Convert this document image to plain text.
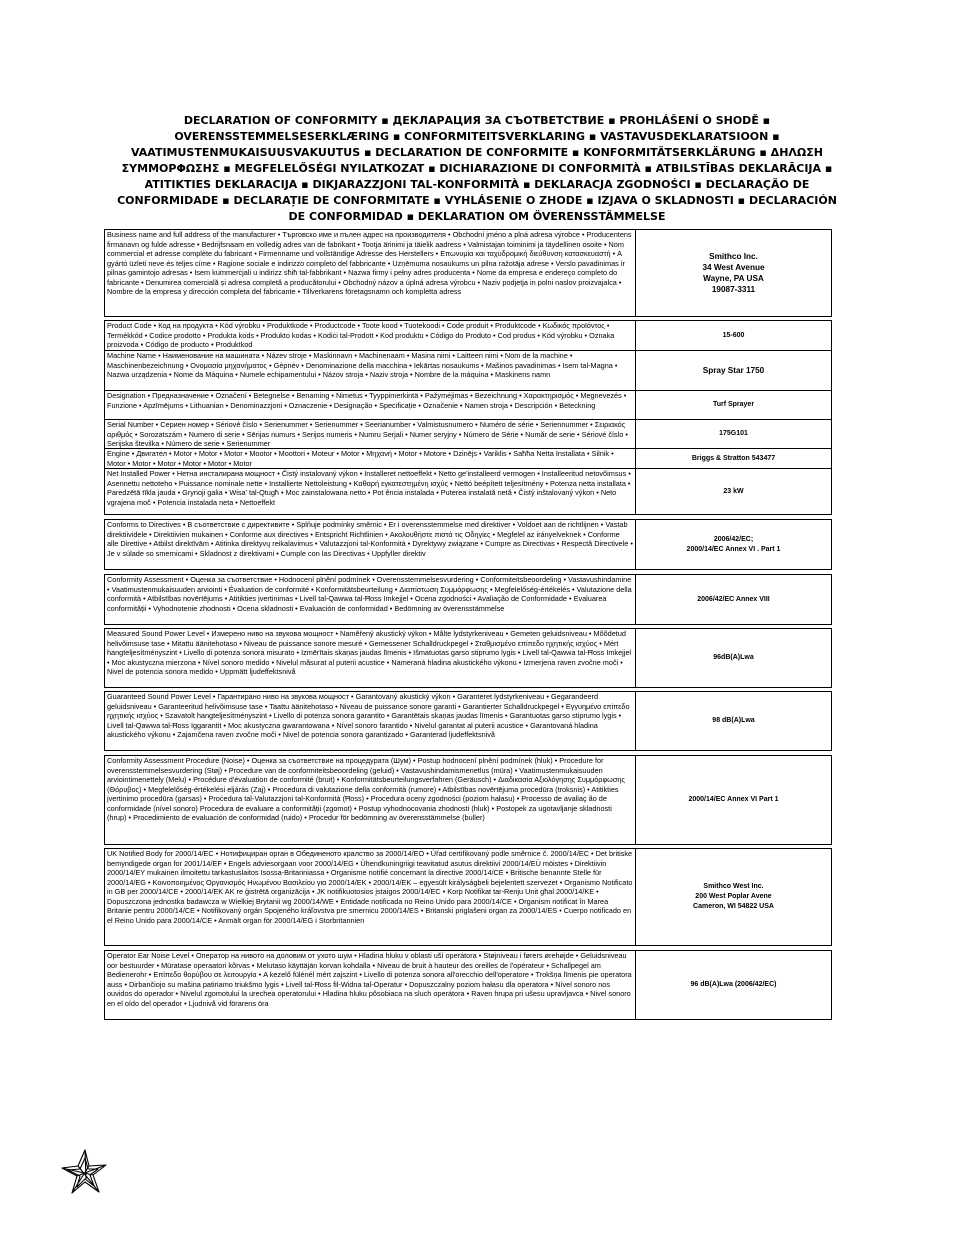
DECLARATION OF CONFORMITY ▪ ДЕКЛАРАЦИЯ ЗА СЪОТВЕТСТВИЕ ▪ PROHLÁŠENÍ O SHODĚ ▪ OVERENSSTEMMELSESERKLÆRING ▪ CONFORMITEITSVERKLARING ▪ VASTAVUSDEKLARATSIOON ▪ VAATIMUSTENMUKAISUUSVAKUUTUS ▪ DECLARATION DE CONFORMITE ▪ KONFORMITÄTSERKLÄRUNG ▪ ΔΗΛΩΣΗ ΣΥΜΜΟΡΦΩΣΗΣ ▪ MEGFELELŐSÉGI NYILATKOZAT ▪ DICHIARAZIONE DI CONFORMITÀ ▪ ATBILSTĪBAS DEKLARĀCIJA ▪ ATITIKTIES DEKLARACIJA ▪ DIKJARAZZJONI TAL-KONFORMITÀ ▪ DEKLARACJA ZGODNOŚCI ▪ DECLARAÇÃO DE CONFORMIDADE ▪ DECLARAȚIE DE CONFORMITATE ▪ VYHLÁSENIE O ZHODE ▪ IZJAVA O SKLADNOSTI ▪ DECLARACIÓN DE CONFORMIDAD ▪ DEKLARATION OM ÖVERENSSTÄMMELSE
Business name and full address of the manufacturer • Търговско име и пълен адрес на производителя • Obchodní jméno a plná adresa výrobce • Producentens firmanavn og fulde adresse • Bedrijfsnaam en volledig adres van de fabrikant • Tootja ärinimi ja täielik aadress • Valmistajan toiminimi ja täydellinen osoite • Nom commercial et adresse complète du fabricant • Firmenname und vollständige Adresse des Herstellers • Επωνυμία και ταχυδρομική διεύθυνση κατασκευαστή • A gyártó üzleti neve és teljes címe • Ragione sociale e indirizzo completo del fabbricante • Uzņēmuma nosaukums un pilna ražotāja adrese • Verslo pavadinimas ir pilnas gamintojo adresas • Isem kummerċjali u indirizz sħiħ tal-fabbrikant • Nazwa firmy i pełny adres producenta • Nome da empresa e endereço completo do fabricante • Denumirea comercială și adresa completă a producătorului • Obchodný názov a úplná adresa výrobcu • Naziv podjetja in polni naslov proizvajalca • Nombre de la empresa y dirección completa del fabricante • Tillverkarens företagsnamn och kompletta adress
Smithco Inc.
34 West Avenue
Wayne, PA USA
19087-3311
Product Code • Код на продукта • Kód výrobku • Produktkode • Productcode • Toote kood • Tuotekoodi • Code produit • Produktcode • Κωδικός προϊόντος • Termékkód • Codice prodotto • Produkta kods • Produkto kodas • Kodiċi tal-Prodott • Kod produktu • Código do Produto • Cod produs • Kód výrobku • Oznaka proizvoda • Código de producto • Produktkod
15-600
Machine Name • Наименование на машината • Název stroje • Maskinnavn • Machinenaam • Masina nimi • Laitteen nimi • Nom de la machine • Maschinenbezeichnung • Ονομασία μηχανήματος • Gépnév • Denominazione della macchina • Iekārtas nosaukums • Mašinos pavadinimas • Isem tal-Magna • Nazwa urządzenia • Nome da Máquina • Numele echipamentului • Názov stroja • Naziv stroja • Nombre de la máquina • Maskinens namn	Spray Star 1750
Designation • Предназначение • Označení • Betegnelse • Benaming • Nimetus • Tyyppimerkintä • Pažymėjimas • Bezeichnung • Χαρακτηρισμός • Megnevezés • Funzione • Apzīmējums • Lithuanian • Denominazzjoni • Oznaczenie • Designação • Specificație • Označenie • Namen stroja • Descripción • Beteckning	Turf Sprayer
Serial Number • Сериен номер • Sériové číslo • Serienummer • Serienummer • Seerianumber • Valmistusnumero • Numéro de série • Seriennummer • Σειριακός αριθμός • Sorozatszám • Numero di serie • Sērijas numurs • Serijos numeris • Numru Serjali • Numer seryjny • Número de Série • Număr de serie • Sériové číslo • Serijska številka • Número de serie • Serienummer
175G101
Engine • Двигател • Motor • Motor • Motor • Mootor • Moottori • Moteur • Motor • Μηχανή • Motor • Motore • Dzinējs • Variklis • Saħħa Netta Installata • Silnik • Motor • Motor • Motor • Motor • Motor • Motor
Briggs & Stratton 543477
Net Installed Power • Нетна инсталирана мощност • Čistý instalovaný výkon • Installeret nettoeffekt • Netto ge'installeerd vermogen • Installeeritud netovõimsus • Asennettu nettoteho • Puissance nominale nette • Installierte Nettoleistung • Καθαρή εγκατεστημένη ισχύς • Nettó beépített teljesítmény • Potenza netta installata • Paredzētā tīkla jauda • Grynoji galia • Wisa' tal-Qtugħ • Moc zainstalowana netto • Pot ência instalada • Puterea instalată netă • Čistý inštalovaný výkon • Neto vgrajena moč • Potencia instalada neta • Nettoeffekt
23 kW
Conforms to Directives • В съответствие с директивите • Splňuje podmínky směrnic • Er i overensstemmelse med direktiver • Voldoet aan de richtlijnen • Vastab direktiividele • Direktiivien mukainen • Conforme aux directives • Entspricht Richtlinien • Ακολουθήστε πιστά τις Οδηγίες • Megfelel az irányelveknek • Conforme alle Direttive • Atbilst direktīvām • Atitinka direktyvų reikalavimus • Valutazzjoni tal-Konformità • Dyrektywy związane • Cumpre as Directivas • Respectă Directivele • Je v súlade so smernicami • Skladnost z direktivami • Cumple con las Directivas • Uppfyller direktiv
2006/42/EC;
2000/14/EC Annex VI . Part 1
Conformity Assessment • Оценка за съответствие • Hodnocení plnění podmínek • Overensstemmelsesvurdering • Conformiteitsbeoordeling • Vastavushindamine • Vaatimustenmukaisuuden arviointi • Évaluation de conformité • Konformitätsbeurteilung • Διαπίστωση Συμμόρφωσης • Megfelelőség-értékelés • Valutazione della conformità • Atbilstības novērtējums • Atitikties įvertinimas • Livell tal-Qawwa tal-Ħoss Imkejjel • Ocena zgodności • Avaliação de Conformidade • Evaluarea conformității • Vyhodnotenie zhodnosti • Ocena skladnosti • Evaluación de conformidad • Bedömning av överensstämmelse
2006/42/EC Annex VIII
Measured Sound Power Level • Измерено ниво на звукова мощност • Naměřený akustický výkon • Målte lydstyrkeniveau • Gemeten geluidsniveau • Mõõdetud helivõimsuse tase • Mitattu äänitehotaso • Niveau de puissance sonore mesuré • Gemessener Schalldruckpegel • Σταθμισμένο επίπεδο ηχητικής ισχύος • Mért hangteljesítményszint • Livello di potenza sonora misurato • Izmērītais skaņas jaudas līmenis • Išmatuotas garso stiprumo lygis • Livell tal-Qawwa tal-Ħoss Imkejjel • Moc akustyczna mierzona • Nível sonoro medido • Nivelul măsurat al puterii acustice • Nameraná hladina akustického výkonu • Izmerjena raven zvočne moči • Nivel de potencia sonora medido • Uppmätt ljudeffektsnivå
96dB(A)Lwa
Guaranteed Sound Power Level • Гарантирано ниво на звукова мощност • Garantovaný akustický výkon • Garanteret lydstyrkeniveau • Gegarandeerd geluidsniveau • Garanteeritud helivõimsuse tase • Taattu äänitehotaso • Niveau de puissance sonore garanti • Garantierter Schalldruckpegel • Εγγυημένο επίπεδο ηχητικής ισχύος • Szavatolt hangteljesítményszint • Livello di potenza sonora garantito • Garantētais skaņas jaudas līmenis • Garantuotas garso stiprumo lygis • Livell tal-Qawwa tal-Ħoss Iggarantit • Moc akustyczna gwarantowana • Nível sonoro farantido • Nivelul garantat al puterii acustice • Garantovaná hladina akustického výkonu • Zajamčena raven zvočne moči • Nivel de potencia sonora garantizado • Garanterad ljudeffektsnivå
98 dB(A)Lwa
Conformity Assessment Procedure (Noise) • Оценка за съответствие на процедурата (Шум) • Postup hodnocení plnění podmínek (hluk) • Procedure for overensstemmelsesvurdering (Støj) • Procedure van de conformiteitsbeoordeling (geluid) • Vastavushindamismenetlus (müra) • Vaatimustenmukaisuuden arviointimenettely (Melu) • Procédure d'évaluation de conformité (bruit) • Konformitätsbeurteilungsverfahren (Geräusch) • Διαδικασία Αξιολόγησης Συμμόρφωσης (Θόρυβος) • Megfelelőség-értékelési eljárás (Zaj) • Procedura di valutazione della conformità (rumore) • Atbilstības novērtējuma procedūra (troksnis) • Atitikties įvertinimo procedūra (garsas) • Proċedura tal-Valutazzjoni tal-Konformità (Ħoss) • Procedura oceny zgodności (poziom hałasu) • Processo de avaliaç ão de conformidade (nível sonoro) Procedura de evaluare a conformității (zgomot) • Postup vyhodnocovania zhodnosti (hluk) • Postopek za ugotavljanje skladnosti (hrup) • Procedimiento de evaluación de conformidad (ruido) • Procedur för bedömning av överensstämmelse (buller)
2000/14/EC Annex VI Part 1
UK Notified Body for 2000/14/EC • Нотифициран орган в Обединеното кралство за 2000/14/EO • Úřad certifikovaný podle směrnice č. 2000/14/EC • Det britiske bemyndigede organ for 2001/14/EF • Engels adviesorgaan voor 2000/14/EG • Ühendkuningriigi teavitatud asutus direktiivi 2000/14/EÜ möistes • Direktiivin 2000/14/EY mukainen ilmoitettu tarkastuslaitos Isossa-Britanniassa • Organisme notifié concernant la directive 2000/14/CE • Britische benannte Stelle für 2000/14/EG • Κοινοποιημένος Οργανισμός Ηνωμένου Βασιλείου για 2000/14/EK • 2000/14/EK – egyesült királyságbeli bejelentett szervezet • Organismo Notificato in GB per 2000/14/CE • 2000/14/EK AK re ģistrētā organizācija • JK notifikuotosios įstaigos 2000/14/EC • Korp Notifikat tar-Renju Unit għal 2000/14/KE • Dopuszczona jednostka badawcza w Wielkiej Brytanii wg 2000/14/WE • Entidade notificada no Reino Unido para 2000/14/CE • Organism notificat în Marea Britanie pentru 2000/14/CE • Notifikovaný orgán Spojeného kráľovstva pre smernicu 2000/14/ES • Britanski priglašeni organ za 2000/14/ES • Cuerpo notificado en el Reino Unido para 2000/14/CE • Anmält organ för 2000/14/EG i Storbritannien
Smithco West Inc.
200 West Poplar Avene
Cameron, WI 54822 USA
Operator Ear Noise Level • Оператор на нивото на доловим от ухото шум • Hladina hluku v oblasti uší operátora • Støjniveau i førers ørehøjde • Geluidsniveau oor bestuurder • Müratase operaatori kõrvas • Melutaso käyttäjän korvan kohdalla • Niveau de bruit à hauteur des oreilles de l'opérateur • Schallpegel am Bedienerohr • Επίπεδο θορύβου σε λειτουργία • A kezelő fülénél mért zajszint • Livello di potenza sonora all'orecchio dell'operatore • Trokšņa līmenis pie operatora auss • Dirbančiojo su mašina patiriamo triukšmo lygis • Livell tal-Ħoss fil-Widna tal-Operatur • Dopuszczalny poziom hałasu dla operatora • Nível sonoro nos ouvidos do operador • Nivelul zgomotului la urechea operatorului • Hladina hluku pôsobiaca na sluch operátora • Raven hrupa pri ušesu upravljavca • Nivel sonoro en el oído del operador • Ljudnivå vid förarens öra
96 dB(A)Lwa (2006/42/EC)
